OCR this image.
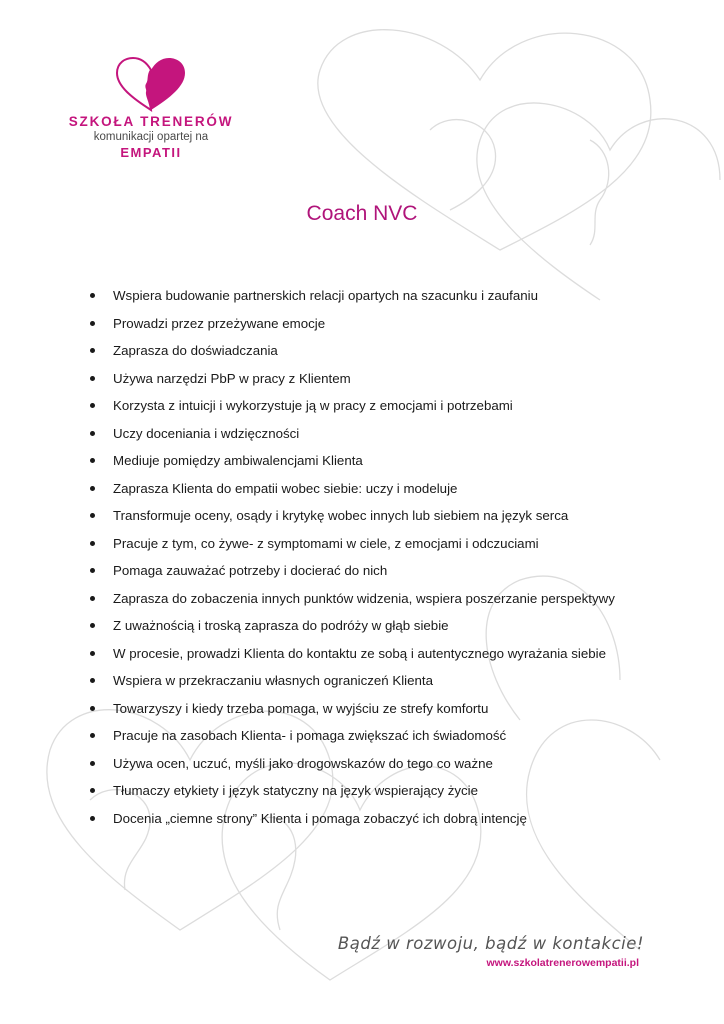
SZKOŁA TRENERÓW
komunikacji opartej na
EMPATII
Coach NVC
Wspiera budowanie partnerskich relacji opartych na szacunku i zaufaniu
Prowadzi przez przeżywane emocje
Zaprasza do doświadczania
Używa narzędzi PbP w pracy z Klientem
Korzysta z intuicji i wykorzystuje ją w pracy z emocjami i potrzebami
Uczy doceniania i wdzięczności
Mediuje pomiędzy ambiwalencjami Klienta
Zaprasza Klienta do empatii wobec siebie: uczy i modeluje
Transformuje oceny, osądy i krytykę wobec innych lub siebiem na język serca
Pracuje z tym, co żywe- z symptomami w ciele, z emocjami i odczuciami
Pomaga zauważać potrzeby i docierać do nich
Zaprasza do zobaczenia innych punktów widzenia, wspiera poszerzanie perspektywy
Z uważnością i troską zaprasza do podróży w głąb siebie
W procesie, prowadzi Klienta do kontaktu ze sobą i autentycznego wyrażania siebie
Wspiera w przekraczaniu własnych ograniczeń Klienta
Towarzyszy i kiedy trzeba pomaga, w wyjściu ze strefy komfortu
Pracuje na zasobach Klienta- i pomaga zwiększać ich świadomość
Używa ocen, uczuć, myśli jako drogowskazów do tego co ważne
Tłumaczy etykiety i język statyczny na język wspierający życie
Docenia „ciemne strony” Klienta i pomaga zobaczyć ich dobrą intencję
Bądź w rozwoju, bądź w kontakcie!
www.szkolatrenerowempatii.pl
